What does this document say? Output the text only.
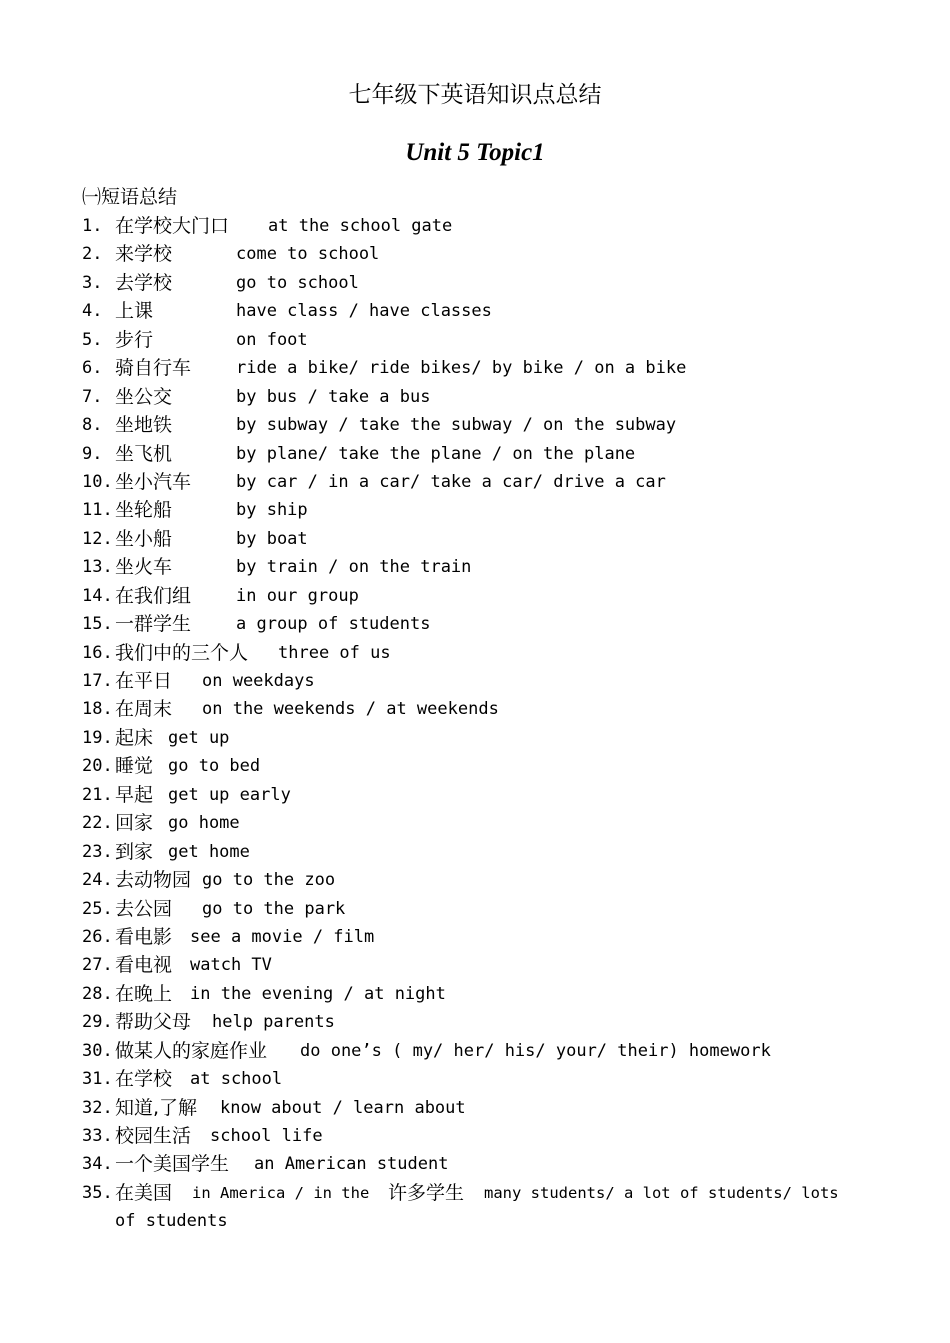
七年级下英语知识点总结
Unit 5 Topic1
㈠短语总结
1. 在学校大门口 at the school gate
2. 来学校	come to school
3. 去学校	go to school
4. 上课	have class / have classes
5. 步行	on foot
6. 骑自行车	ride a bike/ ride bikes/ by bike / on a bike
7. 坐公交	by bus / take a bus
8. 坐地铁	by subway / take the subway / on the subway
9. 坐飞机	by plane/ take the plane / on the plane
10. 坐小汽车	by car / in a car/ take a car/ drive a car
11. 坐轮船	by ship
12. 坐小船	by boat
13. 坐火车	by train / on the train
14. 在我们组	in our group
15. 一群学生	a group of students
16. 我们中的三个人 three of us
17. 在平日 on weekdays
18. 在周末 on the weekends / at weekends
19. 起床 get up
20. 睡觉 go to bed
21. 早起 get up early
22. 回家 go home
23. 到家 get home
24. 去动物园 go to the zoo
25. 去公园 go to the park
26. 看电影 see a movie / film
27. 看电视 watch TV
28. 在晚上 in the evening / at night
29. 帮助父母 help parents
30. 做某人的家庭作业 do one’s ( my/ her/ his/ your/ their) homework
31. 在学校 at school
32. 知道,了解 know about / learn about
33. 校园生活 school life
34. 一个美国学生 an American student
35. 在美国 in America / in the 许多学生 many students/ a lot of students/ lots
of students
